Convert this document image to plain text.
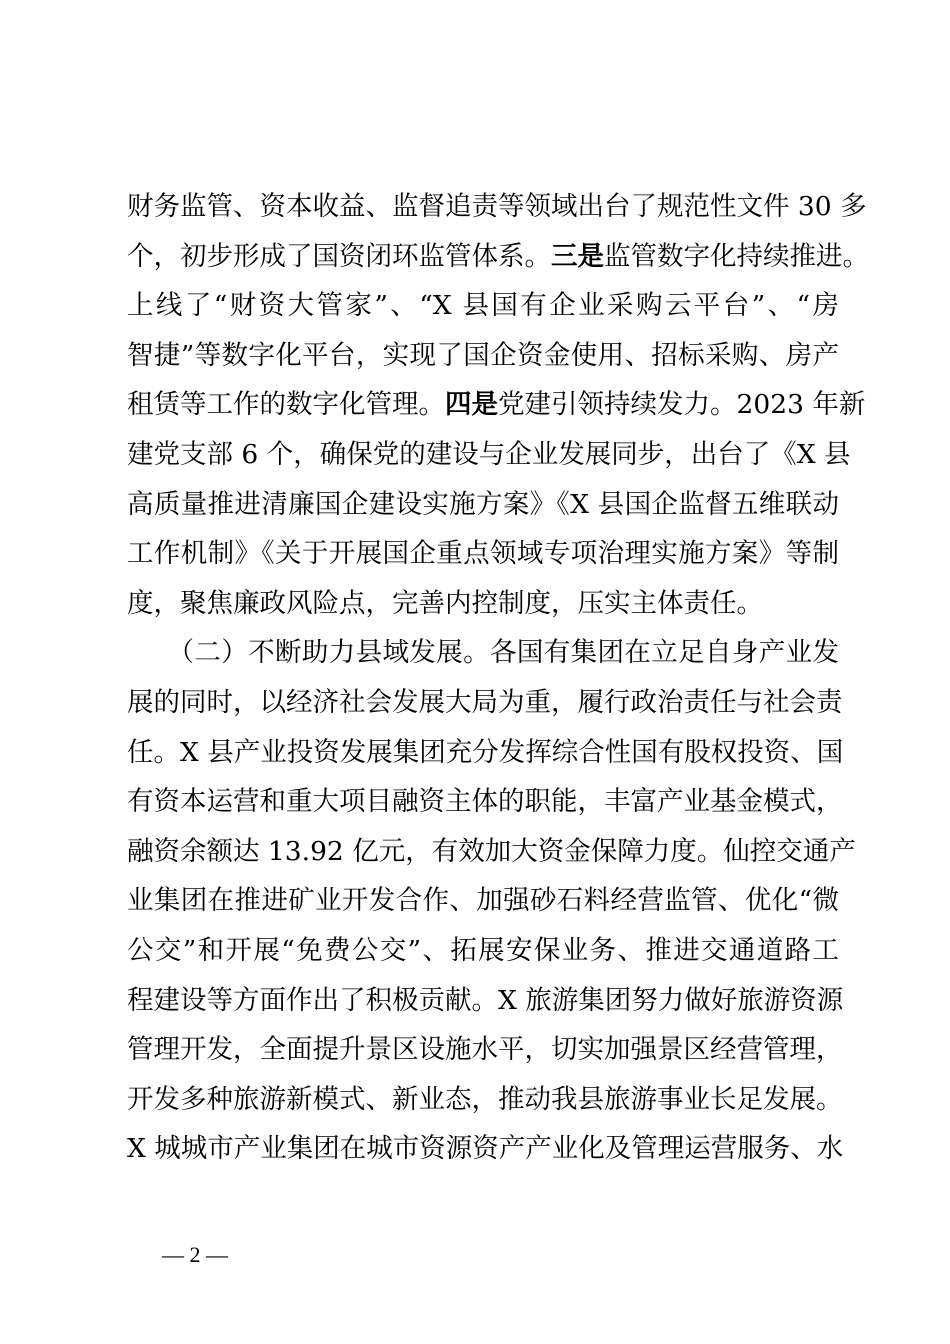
财务监管、资本收益、监督追责等领域出台了规范性文件 30 多
个，初步形成了国资闭环监管体系。三是监管数字化持续推进。
上线了“财资大管家”、“X 县国有企业采购云平台”、“房
智捷”等数字化平台，实现了国企资金使用、招标采购、房产
租赁等工作的数字化管理。四是党建引领持续发力。2023 年新
建党支部 6 个，确保党的建设与企业发展同步，出台了《X 县
高质量推进清廉国企建设实施方案》《X 县国企监督五维联动
工作机制》《关于开展国企重点领域专项治理实施方案》等制
度，聚焦廉政风险点，完善内控制度，压实主体责任。
　　（二）不断助力县域发展。各国有集团在立足自身产业发
展的同时，以经济社会发展大局为重，履行政治责任与社会责
任。X 县产业投资发展集团充分发挥综合性国有股权投资、国
有资本运营和重大项目融资主体的职能，丰富产业基金模式，
融资余额达 13.92 亿元，有效加大资金保障力度。仙控交通产
业集团在推进矿业开发合作、加强砂石料经营监管、优化“微
公交”和开展“免费公交”、拓展安保业务、推进交通道路工
程建设等方面作出了积极贡献。X 旅游集团努力做好旅游资源
管理开发，全面提升景区设施水平，切实加强景区经营管理，
开发多种旅游新模式、新业态，推动我县旅游事业长足发展。
X 城城市产业集团在城市资源资产产业化及管理运营服务、水
— 2 —
